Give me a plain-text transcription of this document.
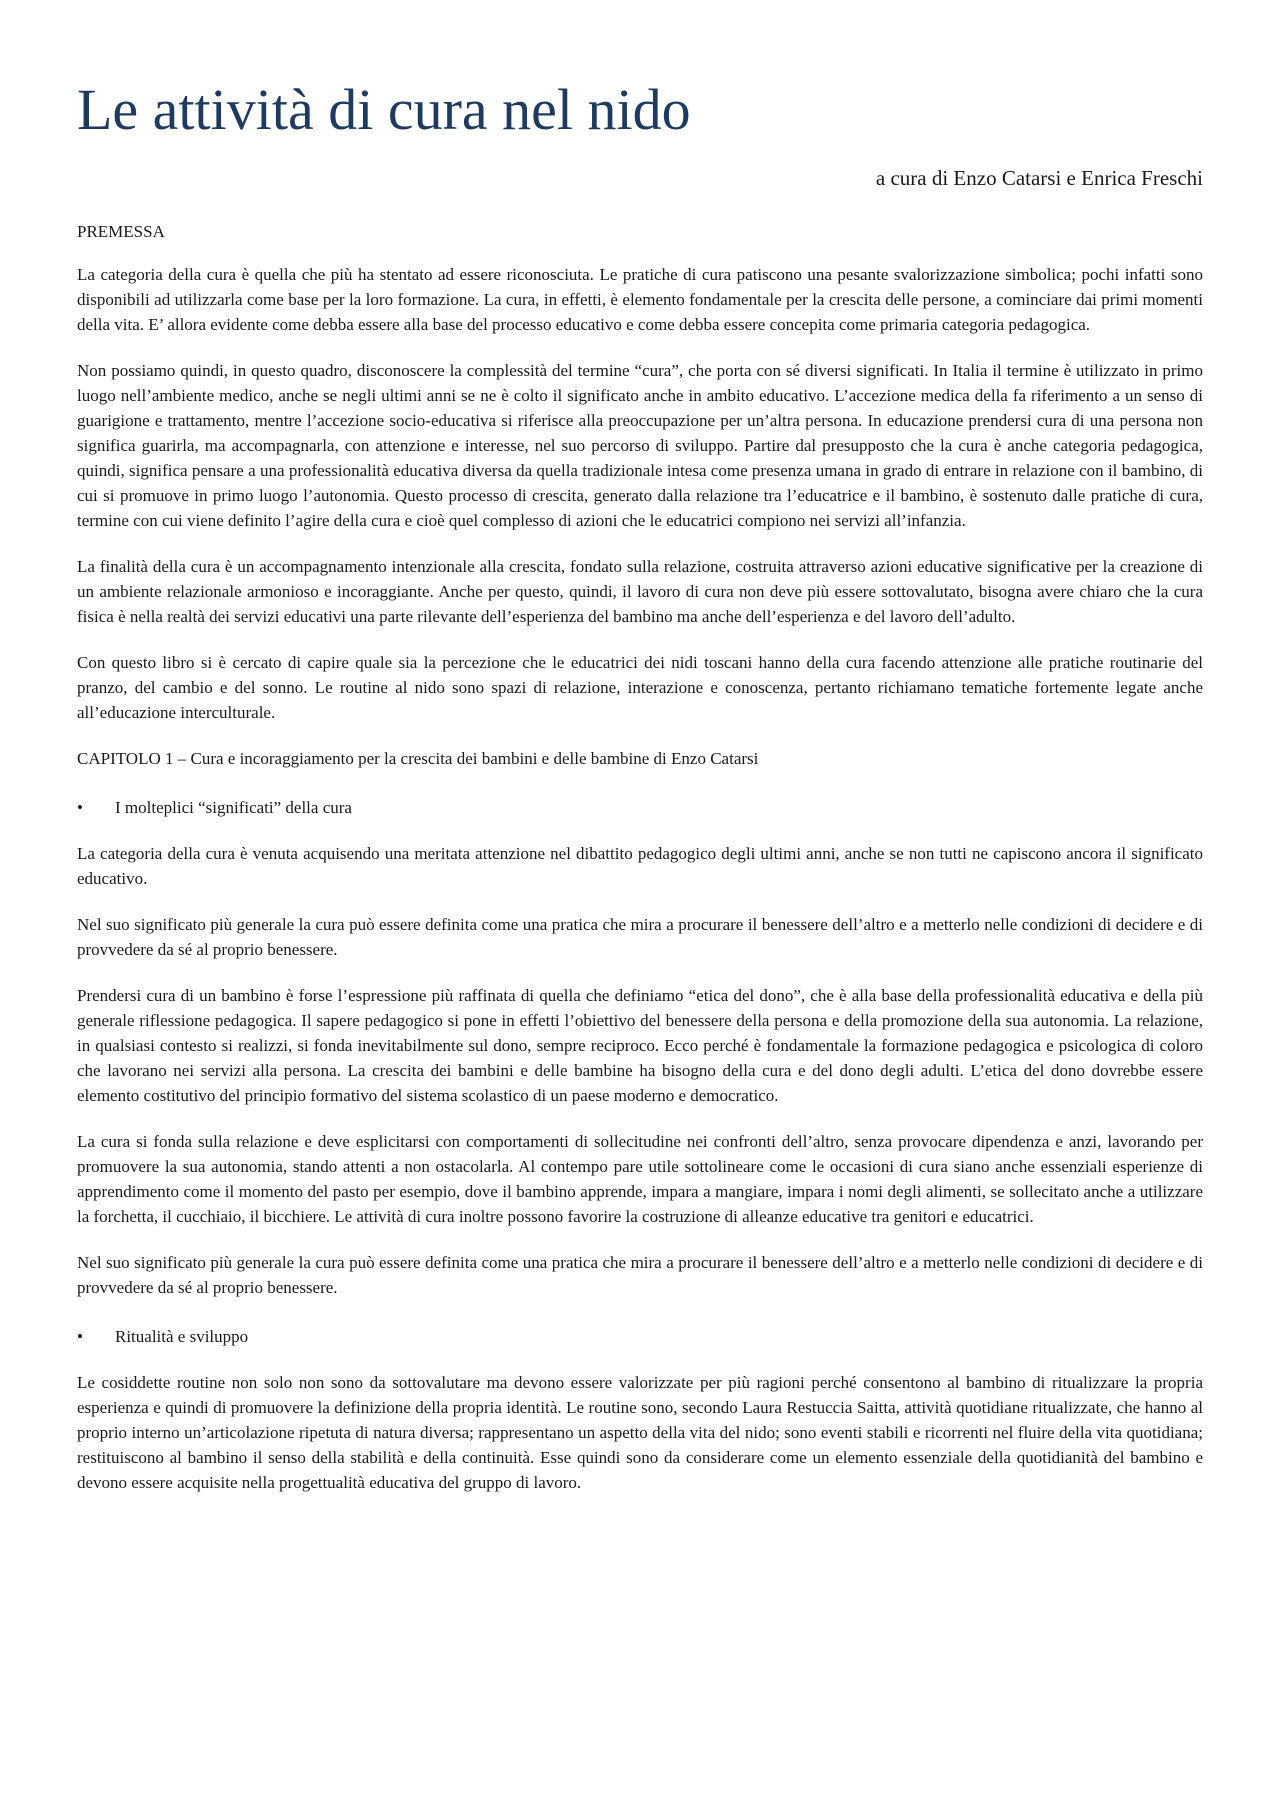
Le attività di cura nel nido
a cura di Enzo Catarsi e Enrica Freschi
PREMESSA

La categoria della cura è quella che più ha stentato ad essere riconosciuta. Le pratiche di cura patiscono una pesante svalorizzazione simbolica; pochi infatti sono disponibili ad utilizzarla come base per la loro formazione. La cura, in effetti, è elemento fondamentale per la crescita delle persone, a cominciare dai primi momenti della vita. E’ allora evidente come debba essere alla base del processo educativo e come debba essere concepita come primaria categoria pedagogica.

Non possiamo quindi, in questo quadro, disconoscere la complessità del termine “cura”, che porta con sé diversi significati. In Italia il termine è utilizzato in primo luogo nell’ambiente medico, anche se negli ultimi anni se ne è colto il significato anche in ambito educativo. L’accezione medica della fa riferimento a un senso di guarigione e trattamento, mentre l’accezione socio-educativa si riferisce alla preoccupazione per un’altra persona. In educazione prendersi cura di una persona non significa guarirla, ma accompagnarla, con attenzione e interesse, nel suo percorso di sviluppo. Partire dal presupposto che la cura è anche categoria pedagogica, quindi, significa pensare a una professionalità educativa diversa da quella tradizionale intesa come presenza umana in grado di entrare in relazione con il bambino, di cui si promuove in primo luogo l’autonomia. Questo processo di crescita, generato dalla relazione tra l’educatrice e il bambino, è sostenuto dalle pratiche di cura, termine con cui viene definito l’agire della cura e cioè quel complesso di azioni che le educatrici compiono nei servizi all’infanzia.

La finalità della cura è un accompagnamento intenzionale alla crescita, fondato sulla relazione, costruita attraverso azioni educative significative per la creazione di un ambiente relazionale armonioso e incoraggiante. Anche per questo, quindi, il lavoro di cura non deve più essere sottovalutato, bisogna avere chiaro che la cura fisica è nella realtà dei servizi educativi una parte rilevante dell’esperienza del bambino ma anche dell’esperienza e del lavoro dell’adulto.

Con questo libro si è cercato di capire quale sia la percezione che le educatrici dei nidi toscani hanno della cura facendo attenzione alle pratiche routinarie del pranzo, del cambio e del sonno. Le routine al nido sono spazi di relazione, interazione e conoscenza, pertanto richiamano tematiche fortemente legate anche all’educazione interculturale.

CAPITOLO 1 – Cura e incoraggiamento per la crescita dei bambini e delle bambine di Enzo Catarsi
•	I molteplici “significati” della cura

La categoria della cura è venuta acquisendo una meritata attenzione nel dibattito pedagogico degli ultimi anni, anche se non tutti ne capiscono ancora il significato educativo.

Nel suo significato più generale la cura può essere definita come una pratica che mira a procurare il benessere dell’altro e a metterlo nelle condizioni di decidere e di provvedere da sé al proprio benessere.

Prendersi cura di un bambino è forse l’espressione più raffinata di quella che definiamo “etica del dono”, che è alla base della professionalità educativa e della più generale riflessione pedagogica. Il sapere pedagogico si pone in effetti l’obiettivo del benessere della persona e della promozione della sua autonomia. La relazione, in qualsiasi contesto si realizzi, si fonda inevitabilmente sul dono, sempre reciproco. Ecco perché è fondamentale la formazione pedagogica e psicologica di coloro che lavorano nei servizi alla persona. La crescita dei bambini e delle bambine ha bisogno della cura e del dono degli adulti. L’etica del dono dovrebbe essere elemento costitutivo del principio formativo del sistema scolastico di un paese moderno e democratico.

La cura si fonda sulla relazione e deve esplicitarsi con comportamenti di sollecitudine nei confronti dell’altro, senza provocare dipendenza e anzi, lavorando per promuovere la sua autonomia, stando attenti a non ostacolarla. Al contempo pare utile sottolineare come le occasioni di cura siano anche essenziali esperienze di apprendimento come il momento del pasto per esempio, dove il bambino apprende, impara a mangiare, impara i nomi degli alimenti, se sollecitato anche a utilizzare la forchetta, il cucchiaio, il bicchiere. Le attività di cura inoltre possono favorire la costruzione di alleanze educative tra genitori e educatrici.

Nel suo significato più generale la cura può essere definita come una pratica che mira a procurare il benessere dell’altro e a metterlo nelle condizioni di decidere e di provvedere da sé al proprio benessere.

•	Ritualità e sviluppo

Le cosiddette routine non solo non sono da sottovalutare ma devono essere valorizzate per più ragioni perché consentono al bambino di ritualizzare la propria esperienza e quindi di promuovere la definizione della propria identità. Le routine sono, secondo Laura Restuccia Saitta, attività quotidiane ritualizzate, che hanno al proprio interno un’articolazione ripetuta di natura diversa; rappresentano un aspetto della vita del nido; sono eventi stabili e ricorrenti nel fluire della vita quotidiana; restituiscono al bambino il senso della stabilità e della continuità. Esse quindi sono da considerare come un elemento essenziale della quotidianità del bambino e devono essere acquisite nella progettualità educativa del gruppo di lavoro.
